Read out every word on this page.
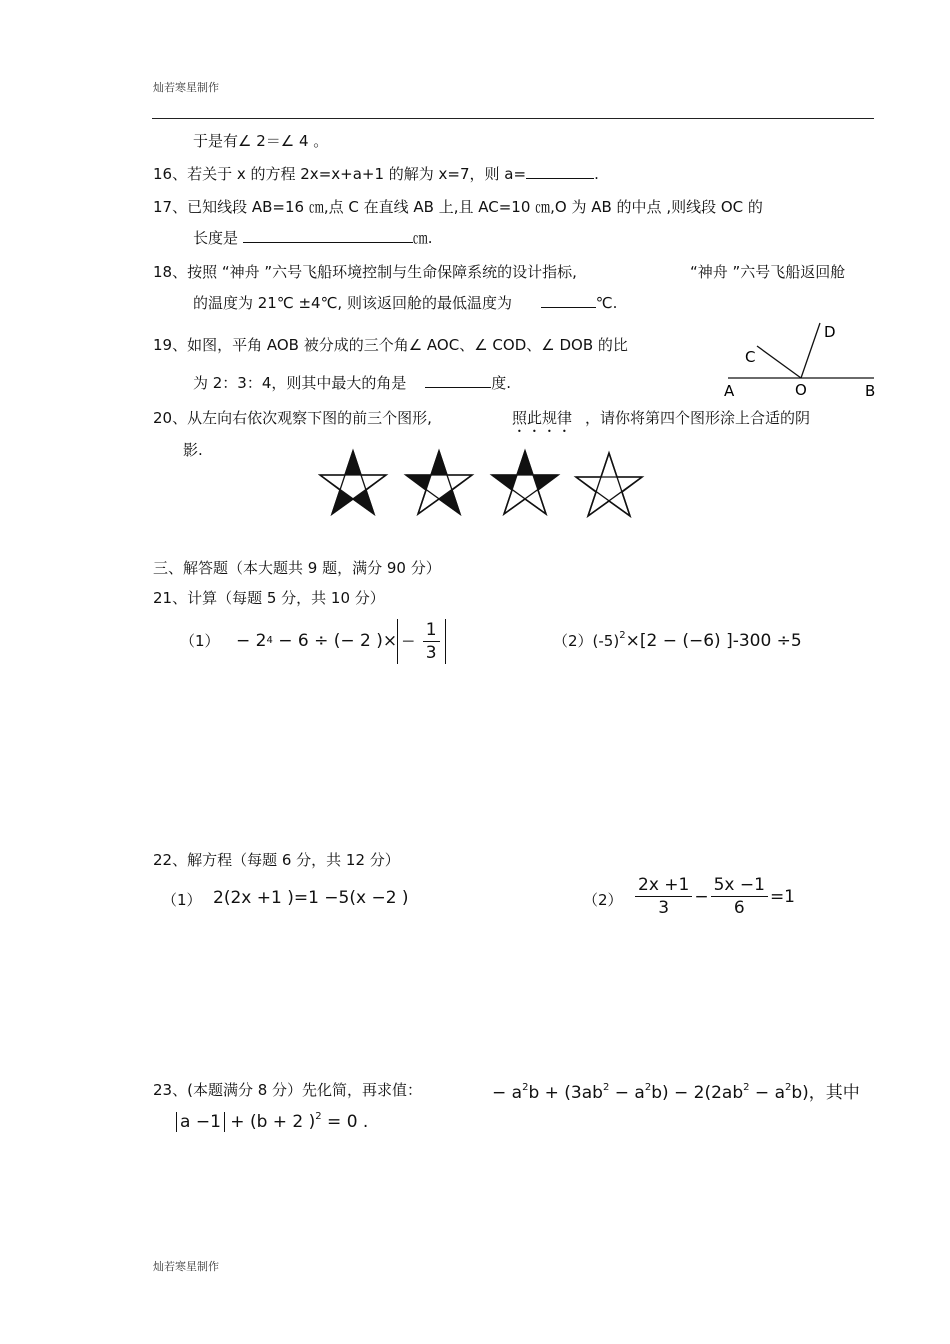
灿若寒星制作
于是有∠ 2＝∠ 4 。
16、若关于 x 的方程 2x=x+a+1 的解为 x=7，则 a=	.
17、已知线段 AB=16 ㎝,点 C 在直线 AB 上,且 AC=10 ㎝,O 为 AB 的中点 ,则线段 OC 的
长度是	㎝.
18、按照 “神舟 ”六号飞船环境控制与生命保障系统的设计指标,	“神舟 ”六号飞船返回舱
的温度为 21℃ ±4℃, 则该返回舱的最低温度为	℃.
19、如图，平角 AOB 被分成的三个角∠ AOC、∠ COD、∠ DOB 的比
为 2：3：4，则其中最大的角是	度.	A	O	B
C
D
20、从左向右依次观察下图的前三个图形,	照此规律 ，请你将第四个图形涂上合适的阴
影.
三、解答题（本大题共 9 题，满分 90 分）
21、计算（每题 5 分，共 10 分）
（1） − 2 4 − 6 ÷ (− 2 )× − $\frac{1}{3}$	$(2)(-5)^2\times[2 - (-6)$ ]-300 ÷5
22、解方程（每题 6 分，共 12 分）
（1） 2(2x +1 )=1 −5(x −2 )	$(2) \frac{2x +1}{3} - \frac{5x -1}{6} =1$
23、(本题满分 8 分）先化简，再求值：	− $a^2b + (3ab^2 - a^2b) - 2(2ab^2 - a^2b)$，其中
a −1 + (b + 2 )$^2$ = 0 .
灿若寒星制作
